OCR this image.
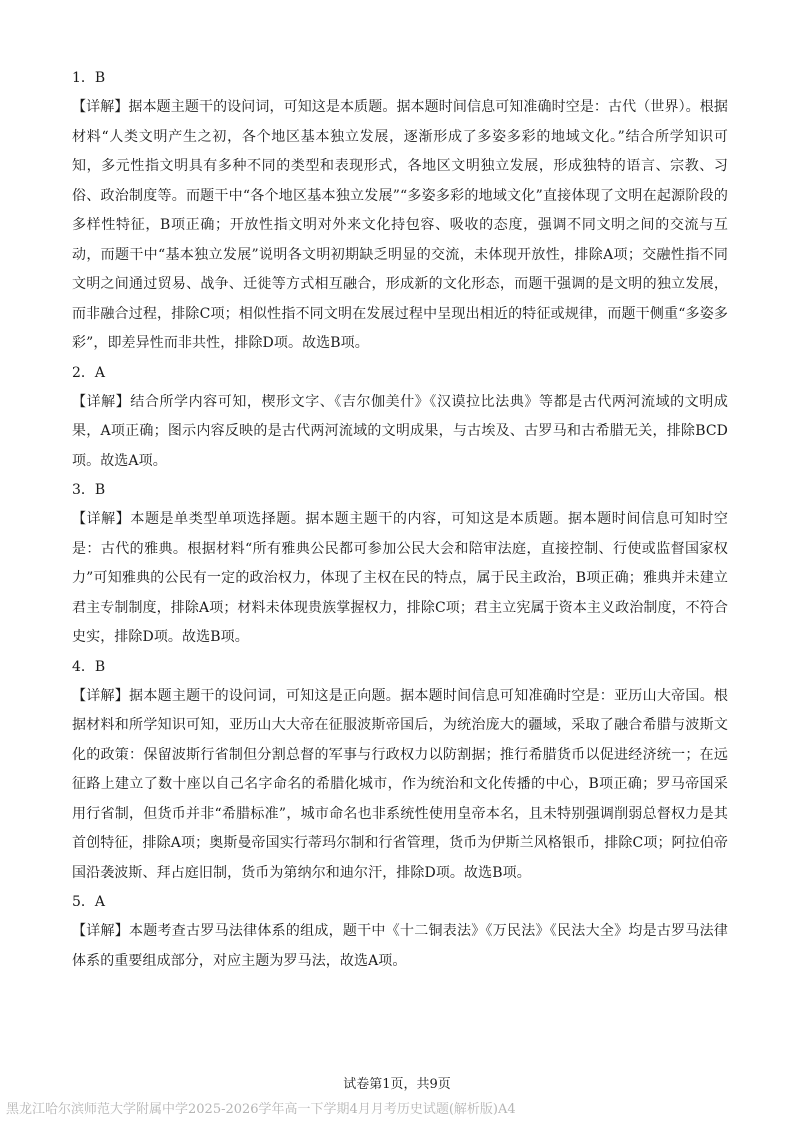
1．B

【详解】据本题主题干的设问词，可知这是本质题。据本题时间信息可知准确时空是：古代（世界）。根据材料“人类文明产生之初，各个地区基本独立发展，逐渐形成了多姿多彩的地域文化。”结合所学知识可知，多元性指文明具有多种不同的类型和表现形式，各地区文明独立发展，形成独特的语言、宗教、习俗、政治制度等。而题干中“各个地区基本独立发展”“多姿多彩的地域文化”直接体现了文明在起源阶段的多样性特征，B项正确；开放性指文明对外来文化持包容、吸收的态度，强调不同文明之间的交流与互动，而题干中“基本独立发展”说明各文明初期缺乏明显的交流，未体现开放性，排除A项；交融性指不同文明之间通过贸易、战争、迁徙等方式相互融合，形成新的文化形态，而题干强调的是文明的独立发展，而非融合过程，排除C项；相似性指不同文明在发展过程中呈现出相近的特征或规律，而题干侧重“多姿多彩”，即差异性而非共性，排除D项。故选B项。

2．A

【详解】结合所学内容可知，楔形文字、《吉尔伽美什》《汉谟拉比法典》等都是古代两河流域的文明成果，A项正确；图示内容反映的是古代两河流域的文明成果，与古埃及、古罗马和古希腊无关，排除BCD项。故选A项。

3．B

【详解】本题是单类型单项选择题。据本题主题干的内容，可知这是本质题。据本题时间信息可知时空是：古代的雅典。根据材料“所有雅典公民都可参加公民大会和陪审法庭，直接控制、行使或监督国家权力”可知雅典的公民有一定的政治权力，体现了主权在民的特点，属于民主政治，B项正确；雅典并未建立君主专制制度，排除A项；材料未体现贵族掌握权力，排除C项；君主立宪属于资本主义政治制度，不符合史实，排除D项。故选B项。

4．B

【详解】据本题主题干的设问词，可知这是正向题。据本题时间信息可知准确时空是：亚历山大帝国。根据材料和所学知识可知，亚历山大大帝在征服波斯帝国后，为统治庞大的疆域，采取了融合希腊与波斯文化的政策：保留波斯行省制但分割总督的军事与行政权力以防割据；推行希腊货币以促进经济统一；在远征路上建立了数十座以自己名字命名的希腊化城市，作为统治和文化传播的中心，B项正确；罗马帝国采用行省制，但货币并非“希腊标准”，城市命名也非系统性使用皇帝本名，且未特别强调削弱总督权力是其首创特征，排除A项；奥斯曼帝国实行蒂玛尔制和行省管理，货币为伊斯兰风格银币，排除C项；阿拉伯帝国沿袭波斯、拜占庭旧制，货币为第纳尔和迪尔汗，排除D项。故选B项。

5．A

【详解】本题考查古罗马法律体系的组成，题干中《十二铜表法》《万民法》《民法大全》均是古罗马法律体系的重要组成部分，对应主题为罗马法，故选A项。

试卷第1页，共9页
黑龙江哈尔滨师范大学附属中学2025-2026学年高一下学期4月月考历史试题(解析版)A4
